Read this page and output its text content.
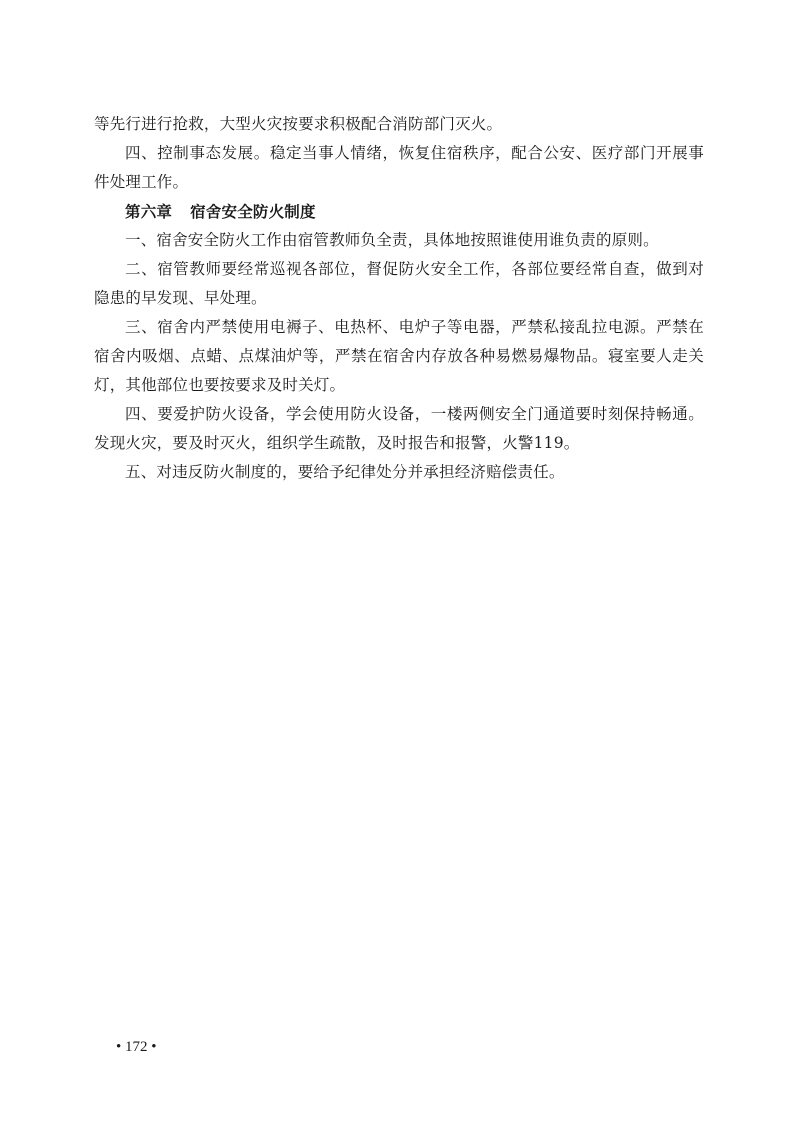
等先行进行抢救，大型火灾按要求积极配合消防部门灭火。

四、控制事态发展。稳定当事人情绪，恢复住宿秩序，配合公安、医疗部门开展事件处理工作。

第六章 宿舍安全防火制度

一、宿舍安全防火工作由宿管教师负全责，具体地按照谁使用谁负责的原则。

二、宿管教师要经常巡视各部位，督促防火安全工作，各部位要经常自查，做到对隐患的早发现、早处理。

三、宿舍内严禁使用电褥子、电热杯、电炉子等电器，严禁私接乱拉电源。严禁在宿舍内吸烟、点蜡、点煤油炉等，严禁在宿舍内存放各种易燃易爆物品。寝室要人走关灯，其他部位也要按要求及时关灯。

四、要爱护防火设备，学会使用防火设备，一楼两侧安全门通道要时刻保持畅通。发现火灾，要及时灭火，组织学生疏散，及时报告和报警，火警119。

五、对违反防火制度的，要给予纪律处分并承担经济赔偿责任。

• 172 •
